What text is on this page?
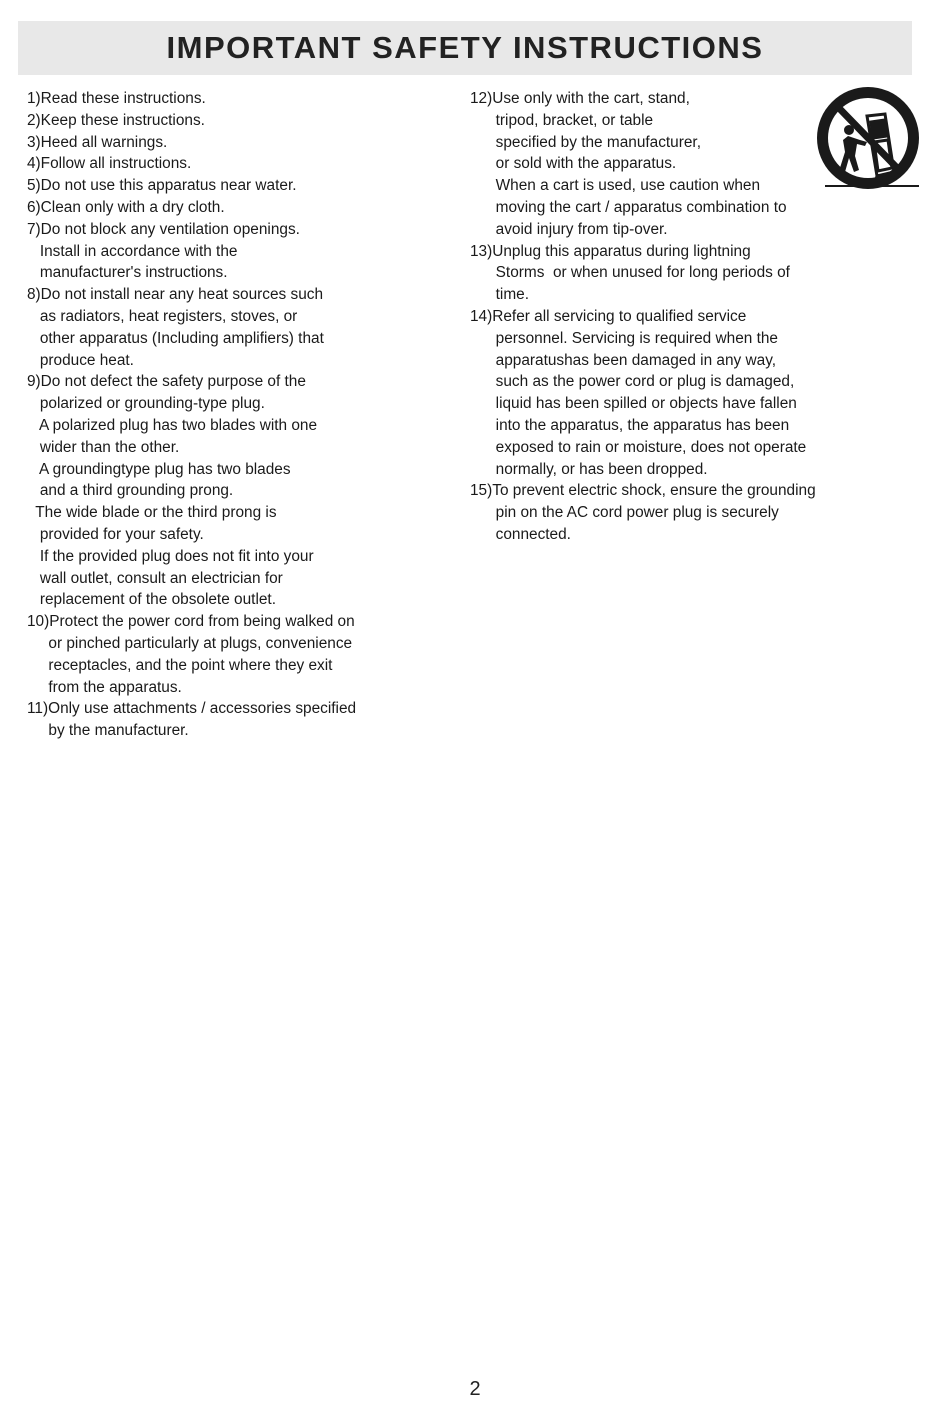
IMPORTANT SAFETY INSTRUCTIONS
1)Read these instructions.
2)Keep these instructions.
3)Heed all warnings.
4)Follow all instructions.
5)Do not use this apparatus near water.
6)Clean only with a dry cloth.
7)Do not block any ventilation openings.
Install in accordance with the
manufacturer's instructions.
8)Do not install near any heat sources such
as radiators, heat registers, stoves, or
other apparatus (Including amplifiers) that
produce heat.
9)Do not defect the safety purpose of the
polarized or grounding-type plug.
A polarized plug has two blades with one
wider than the other.
A groundingtype plug has two blades
and a third grounding prong.
The wide blade or the third prong is
provided for your safety.
If the provided plug does not fit into your
wall outlet, consult an electrician for
replacement of the obsolete outlet.
10)Protect the power cord from being walked on
or pinched particularly at plugs, convenience
receptacles, and the point where they exit
from the apparatus.
11)Only use attachments / accessories specified
by the manufacturer.
12)Use only with the cart, stand,
tripod, bracket, or table
specified by the manufacturer,
or sold with the apparatus.
When a cart is used, use caution when
moving the cart / apparatus combination to
avoid injury from tip-over.
13)Unplug this apparatus during lightning
Storms  or when unused for long periods of
time.
14)Refer all servicing to qualified service
personnel. Servicing is required when the
apparatushas been damaged in any way,
such as the power cord or plug is damaged,
liquid has been spilled or objects have fallen
into the apparatus, the apparatus has been
exposed to rain or moisture, does not operate
normally, or has been dropped.
15)To prevent electric shock, ensure the grounding
pin on the AC cord power plug is securely
connected.
2
